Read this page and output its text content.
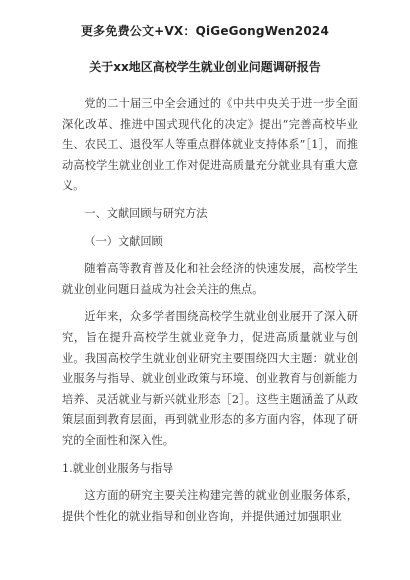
更多免费公文+VX：QiGeGongWen2024
关于xx地区高校学生就业创业问题调研报告

党的二十届三中全会通过的《中共中央关于进一步全面深化改革、推进中国式现代化的决定》提出“完善高校毕业生、农民工、退役军人等重点群体就业支持体系”［1］，而推动高校学生就业创业工作对促进高质量充分就业具有重大意义。

一、文献回顾与研究方法

（一）文献回顾

随着高等教育普及化和社会经济的快速发展，高校学生就业创业问题日益成为社会关注的焦点。

近年来，众多学者围绕高校学生就业创业展开了深入研究，旨在提升高校学生就业竞争力，促进高质量就业与创业。我国高校学生就业创业研究主要围绕四大主题：就业创业服务与指导、就业创业政策与环境、创业教育与创新能力培养、灵活就业与新兴就业形态［2］。这些主题涵盖了从政策层面到教育层面，再到就业形态的多方面内容，体现了研究的全面性和深入性。

1.就业创业服务与指导

这方面的研究主要关注构建完善的就业创业服务体系，提供个性化的就业指导和创业咨询，并提供通过加强职业
